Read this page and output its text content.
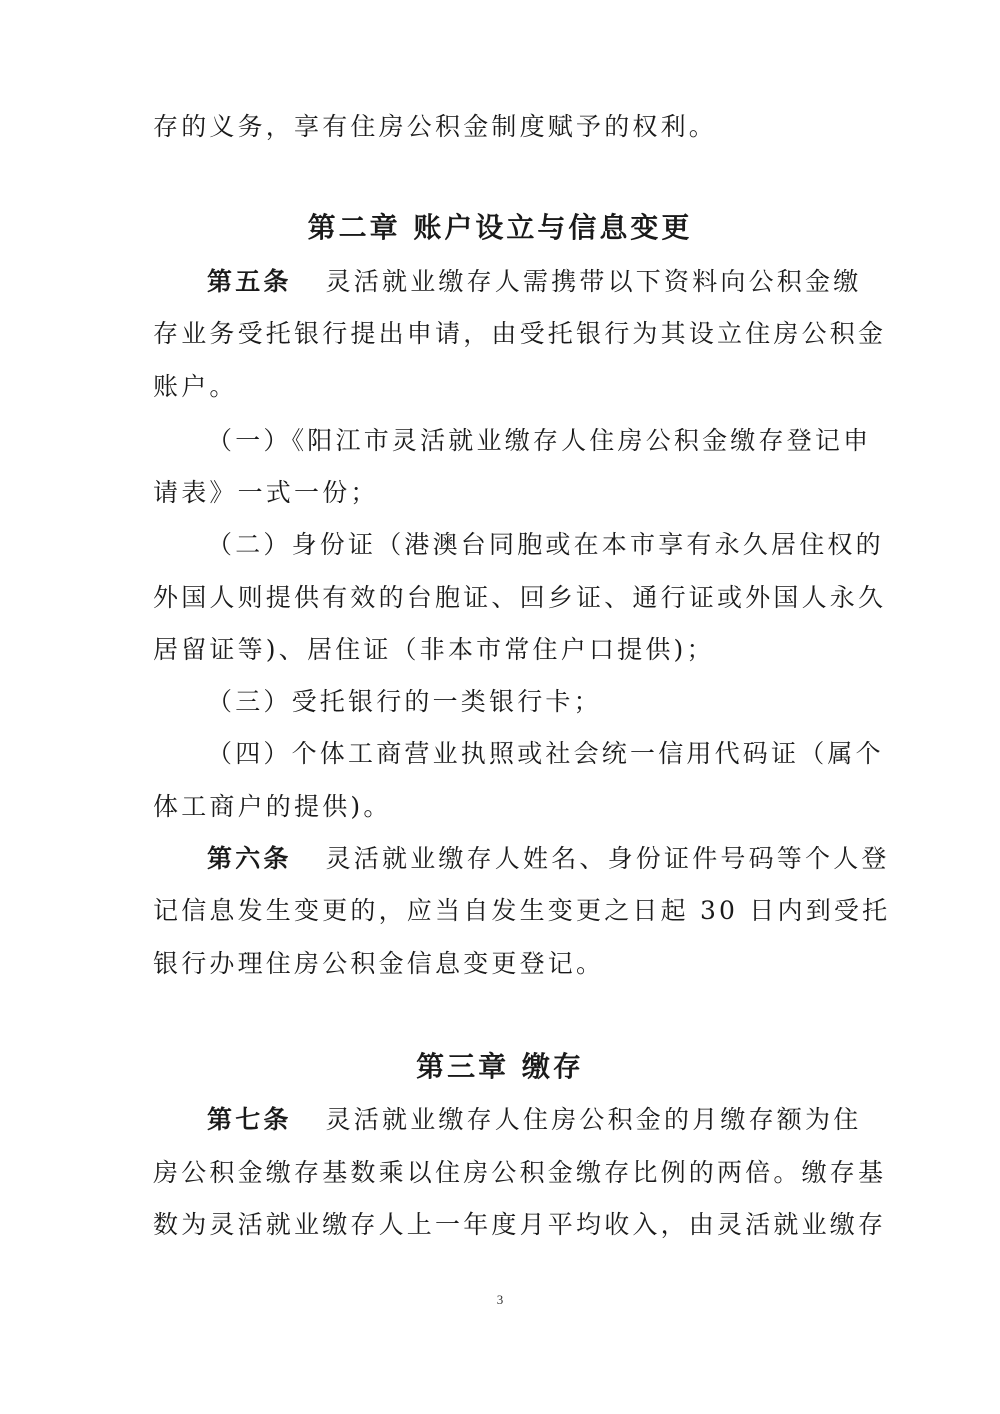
存的义务，享有住房公积金制度赋予的权利。
第二章 账户设立与信息变更
第五条 灵活就业缴存人需携带以下资料向公积金缴
存业务受托银行提出申请，由受托银行为其设立住房公积金
账户。
（一）《阳江市灵活就业缴存人住房公积金缴存登记申
请表》一式一份；
（二）身份证（港澳台同胞或在本市享有永久居住权的
外国人则提供有效的台胞证、回乡证、通行证或外国人永久
居留证等)、居住证（非本市常住户口提供)；
（三）受托银行的一类银行卡；
（四）个体工商营业执照或社会统一信用代码证（属个
体工商户的提供)。
第六条 灵活就业缴存人姓名、身份证件号码等个人登
记信息发生变更的，应当自发生变更之日起 30 日内到受托
银行办理住房公积金信息变更登记。
第三章 缴存
第七条 灵活就业缴存人住房公积金的月缴存额为住
房公积金缴存基数乘以住房公积金缴存比例的两倍。缴存基
数为灵活就业缴存人上一年度月平均收入，由灵活就业缴存
3
